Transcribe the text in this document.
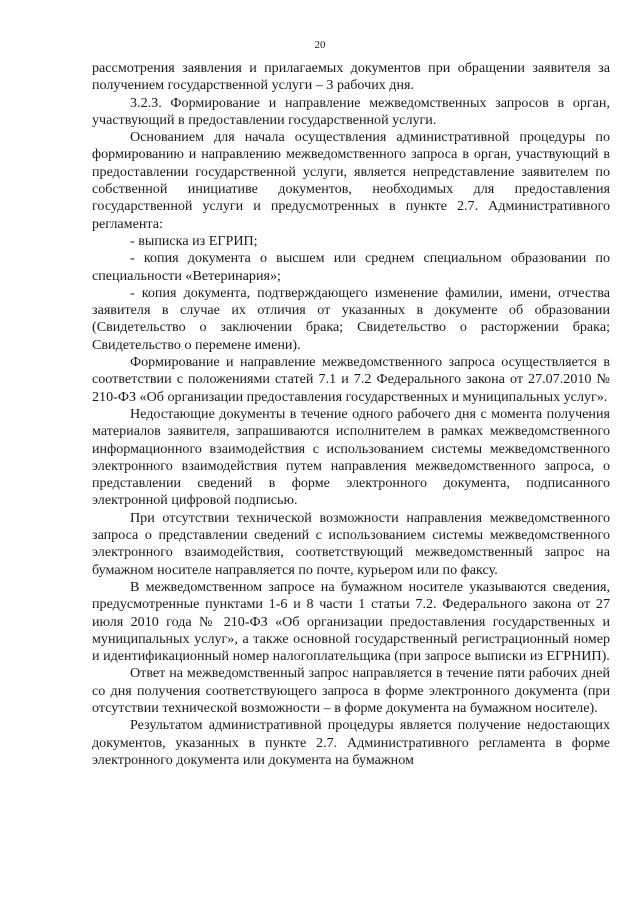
20

рассмотрения заявления и прилагаемых документов при обращении заявителя за получением государственной услуги – 3 рабочих дня.

3.2.3. Формирование и направление межведомственных запросов в орган, участвующий в предоставлении государственной услуги.

Основанием для начала осуществления административной процедуры по формированию и направлению межведомственного запроса в орган, участвующий в предоставлении государственной услуги, является непредставление заявителем по собственной инициативе документов, необходимых для предоставления государственной услуги и предусмотренных в пункте 2.7. Административного регламента:

- выписка из ЕГРИП;

- копия документа о высшем или среднем специальном образовании по специальности «Ветеринария»;

- копия документа, подтверждающего изменение фамилии, имени, отчества заявителя в случае их отличия от указанных в документе об образовании (Свидетельство о заключении брака; Свидетельство о расторжении брака; Свидетельство о перемене имени).

Формирование и направление межведомственного запроса осуществляется в соответствии с положениями статей 7.1 и 7.2 Федерального закона от 27.07.2010 № 210-ФЗ «Об организации предоставления государственных и муниципальных услуг».

Недостающие документы в течение одного рабочего дня с момента получения материалов заявителя, запрашиваются исполнителем в рамках межведомственного информационного взаимодействия с использованием системы межведомственного электронного взаимодействия путем направления межведомственного запроса, о представлении сведений в форме электронного документа, подписанного электронной цифровой подписью.

При отсутствии технической возможности направления межведомственного запроса о представлении сведений с использованием системы межведомственного электронного взаимодействия, соответствующий межведомственный запрос на бумажном носителе направляется по почте, курьером или по факсу.

В межведомственном запросе на бумажном носителе указываются сведения, предусмотренные пунктами 1-6 и 8 части 1 статьи 7.2. Федерального закона от 27 июля 2010 года № 210-ФЗ «Об организации предоставления государственных и муниципальных услуг», а также основной государственный регистрационный номер и идентификационный номер налогоплательщика (при запросе выписки из ЕГРНИП).

Ответ на межведомственный запрос направляется в течение пяти рабочих дней со дня получения соответствующего запроса в форме электронного документа (при отсутствии технической возможности – в форме документа на бумажном носителе).

Результатом административной процедуры является получение недостающих документов, указанных в пункте 2.7. Административного регламента в форме электронного документа или документа на бумажном
